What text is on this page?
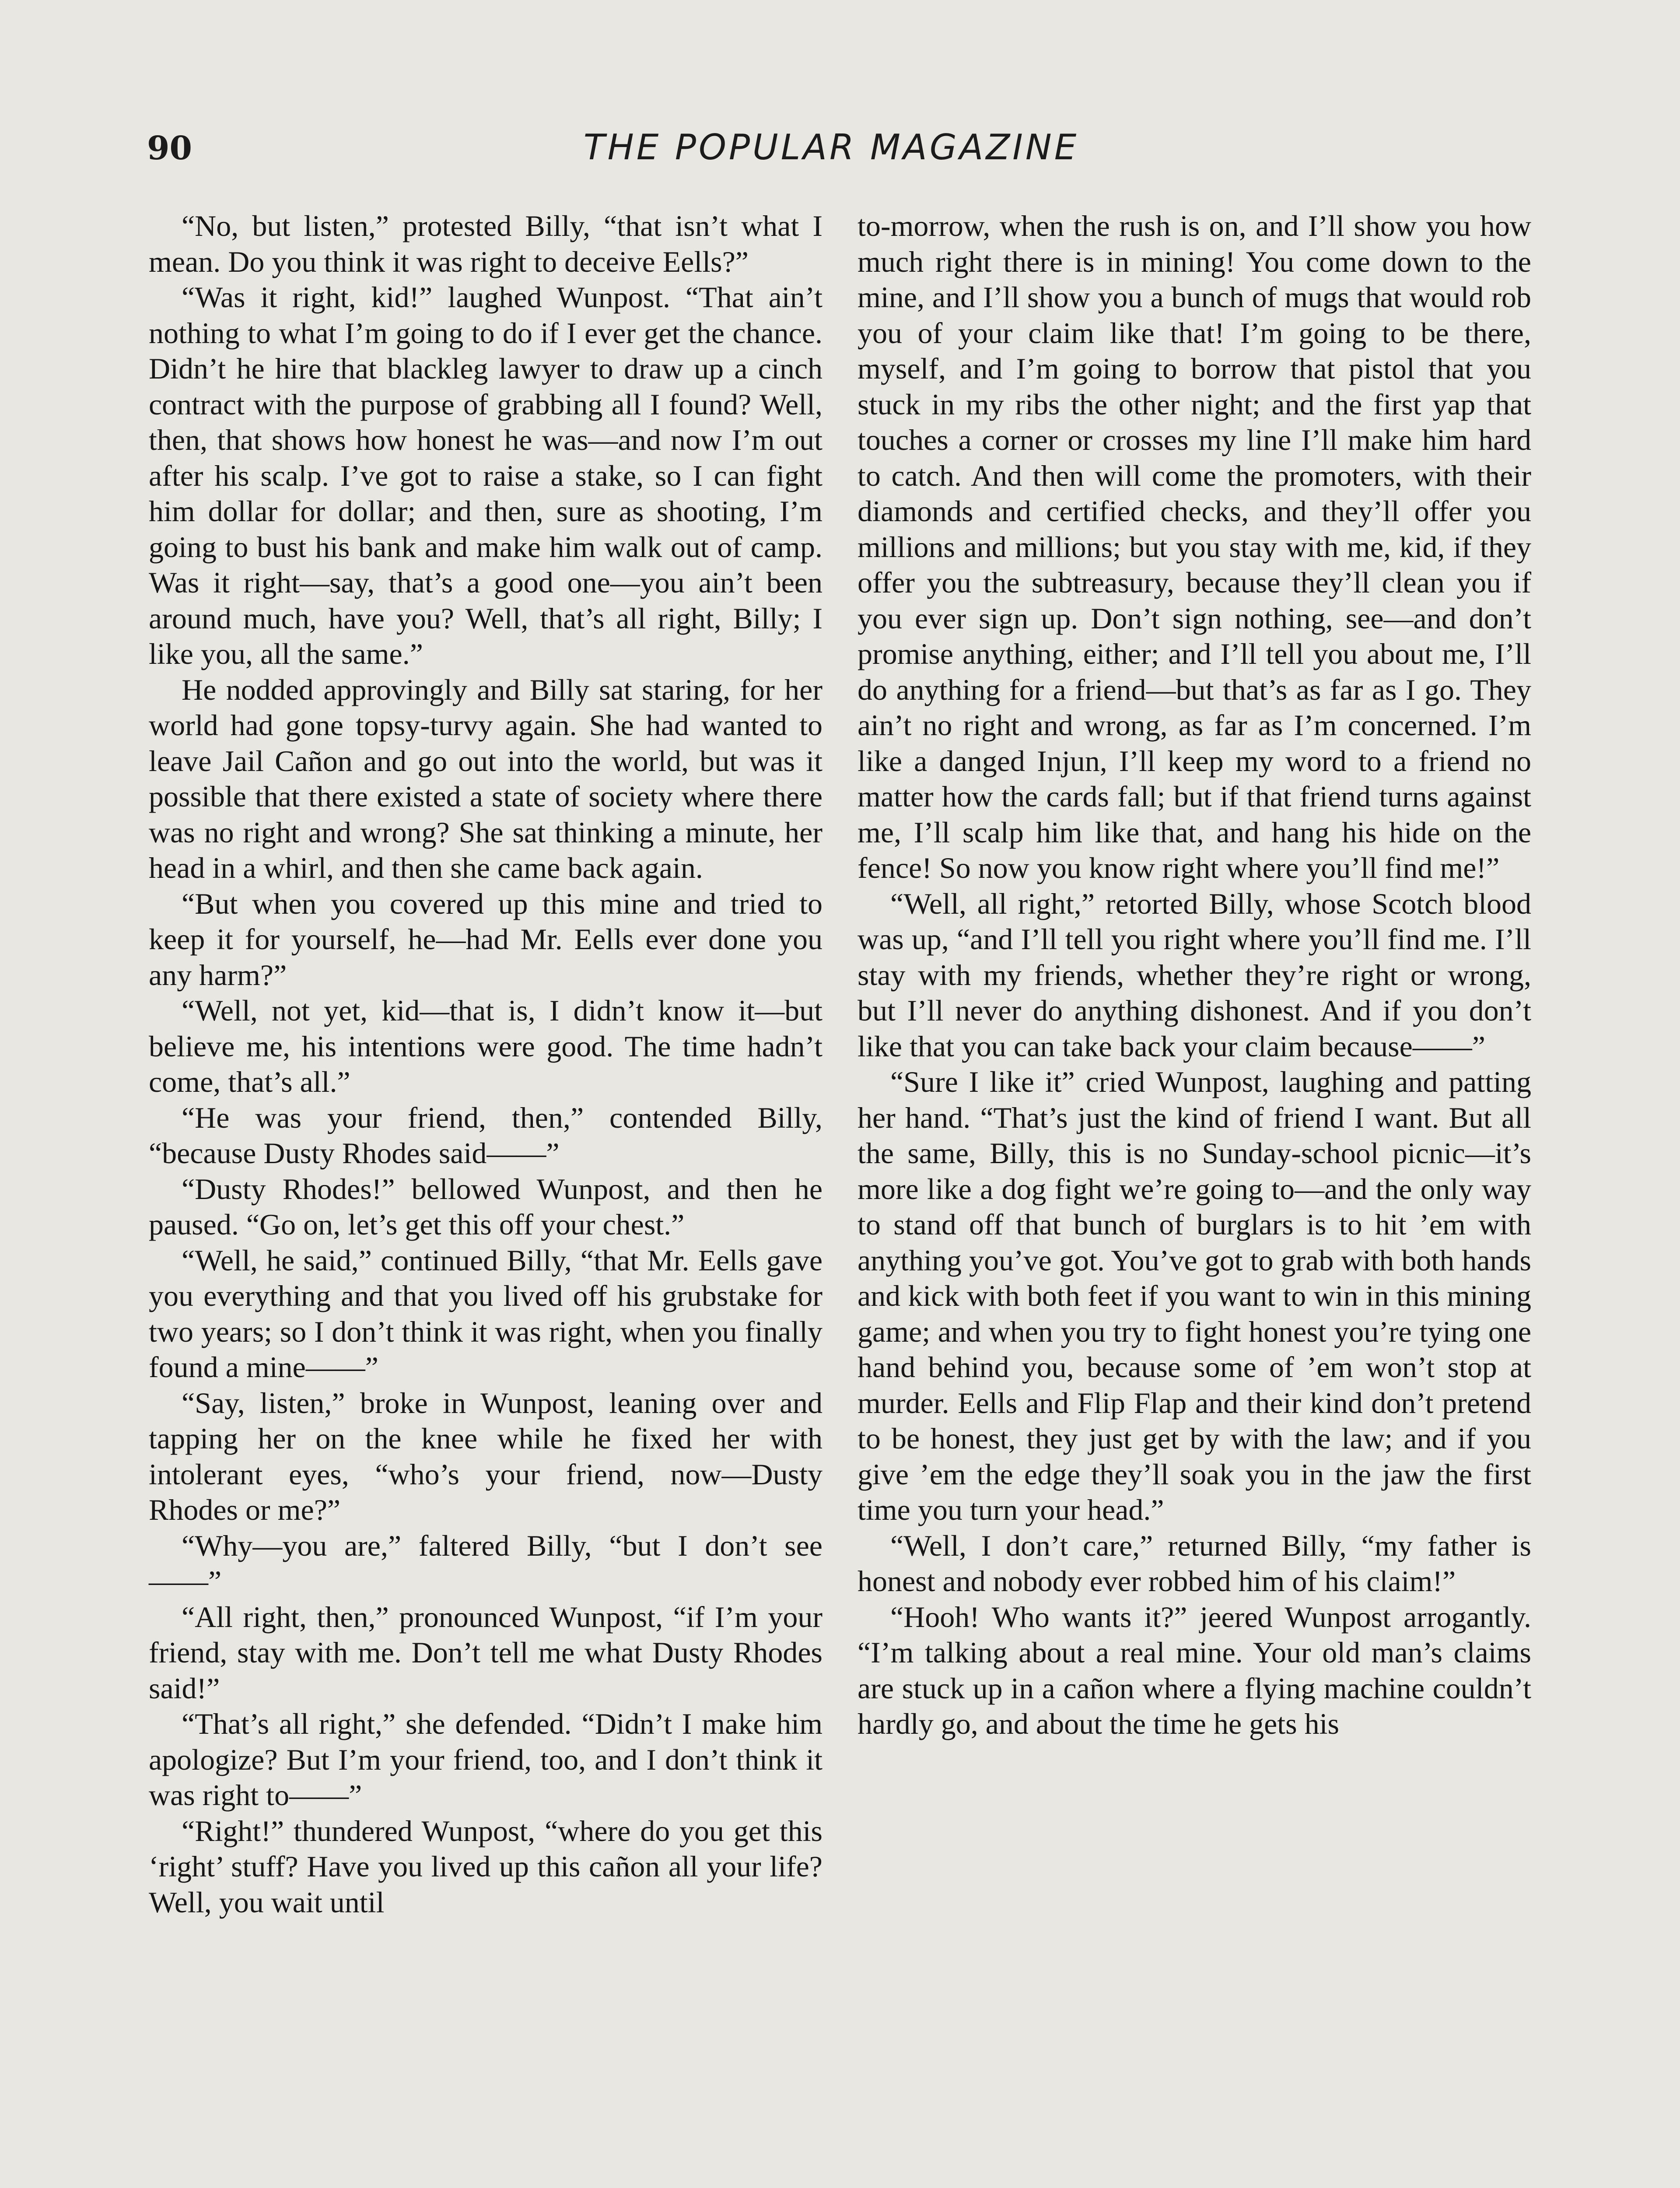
90	THE POPULAR MAGAZINE

“No, but listen,” protested Billy, “that isn’t what I mean. Do you think it was right to deceive Eells?”

“Was it right, kid!” laughed Wunpost. “That ain’t nothing to what I’m going to do if I ever get the chance. Didn’t he hire that blackleg lawyer to draw up a cinch contract with the purpose of grabbing all I found? Well, then, that shows how honest he was—and now I’m out after his scalp. I’ve got to raise a stake, so I can fight him dollar for dollar; and then, sure as shooting, I’m going to bust his bank and make him walk out of camp. Was it right—say, that’s a good one—you ain’t been around much, have you? Well, that’s all right, Billy; I like you, all the same.”

He nodded approvingly and Billy sat staring, for her world had gone topsy-turvy again. She had wanted to leave Jail Cañon and go out into the world, but was it possible that there existed a state of society where there was no right and wrong? She sat thinking a minute, her head in a whirl, and then she came back again.

“But when you covered up this mine and tried to keep it for yourself, he—had Mr. Eells ever done you any harm?”

“Well, not yet, kid—that is, I didn’t know it—but believe me, his intentions were good. The time hadn’t come, that’s all.”

“He was your friend, then,” contended Billy, “because Dusty Rhodes said——”

“Dusty Rhodes!” bellowed Wunpost, and then he paused. “Go on, let’s get this off your chest.”

“Well, he said,” continued Billy, “that Mr. Eells gave you everything and that you lived off his grubstake for two years; so I don’t think it was right, when you finally found a mine——”

“Say, listen,” broke in Wunpost, leaning over and tapping her on the knee while he fixed her with intolerant eyes, “who’s your friend, now—Dusty Rhodes or me?”

“Why—you are,” faltered Billy, “but I don’t see——”

“All right, then,” pronounced Wunpost, “if I’m your friend, stay with me. Don’t tell me what Dusty Rhodes said!”

“That’s all right,” she defended. “Didn’t I make him apologize? But I’m your friend, too, and I don’t think it was right to——”

“Right!” thundered Wunpost, “where do you get this ‘right’ stuff? Have you lived up this cañon all your life? Well, you wait until

to-morrow, when the rush is on, and I’ll show you how much right there is in mining! You come down to the mine, and I’ll show you a bunch of mugs that would rob you of your claim like that! I’m going to be there, myself, and I’m going to borrow that pistol that you stuck in my ribs the other night; and the first yap that touches a corner or crosses my line I’ll make him hard to catch. And then will come the promoters, with their diamonds and certified checks, and they’ll offer you millions and millions; but you stay with me, kid, if they offer you the subtreasury, because they’ll clean you if you ever sign up. Don’t sign nothing, see—and don’t promise anything, either; and I’ll tell you about me, I’ll do anything for a friend—but that’s as far as I go. They ain’t no right and wrong, as far as I’m concerned. I’m like a danged Injun, I’ll keep my word to a friend no matter how the cards fall; but if that friend turns against me, I’ll scalp him like that, and hang his hide on the fence! So now you know right where you’ll find me!”

“Well, all right,” retorted Billy, whose Scotch blood was up, “and I’ll tell you right where you’ll find me. I’ll stay with my friends, whether they’re right or wrong, but I’ll never do anything dishonest. And if you don’t like that you can take back your claim because——”

“Sure I like it” cried Wunpost, laughing and patting her hand. “That’s just the kind of friend I want. But all the same, Billy, this is no Sunday-school picnic—it’s more like a dog fight we’re going to—and the only way to stand off that bunch of burglars is to hit ’em with anything you’ve got. You’ve got to grab with both hands and kick with both feet if you want to win in this mining game; and when you try to fight honest you’re tying one hand behind you, because some of ’em won’t stop at murder. Eells and Flip Flap and their kind don’t pretend to be honest, they just get by with the law; and if you give ’em the edge they’ll soak you in the jaw the first time you turn your head.”

“Well, I don’t care,” returned Billy, “my father is honest and nobody ever robbed him of his claim!”

“Hooh! Who wants it?” jeered Wunpost arrogantly. “I’m talking about a real mine. Your old man’s claims are stuck up in a cañon where a flying machine couldn’t hardly go, and about the time he gets his
